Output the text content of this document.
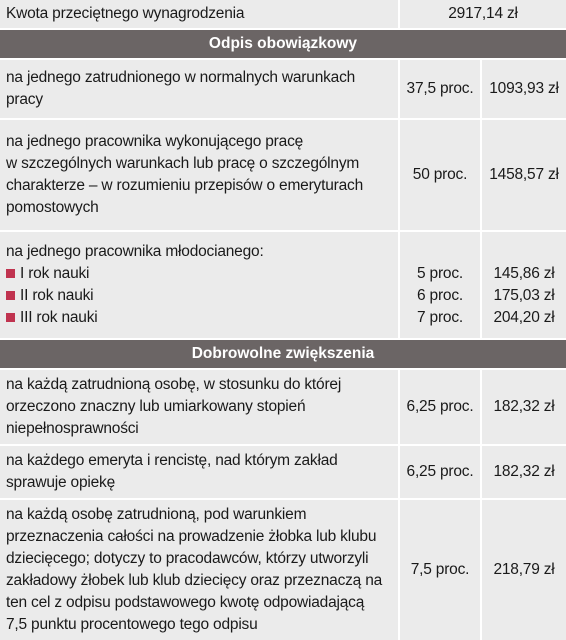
Kwota przeciętnego wynagrodzenia	2917,14 zł
Odpis obowiązkowy
na jednego zatrudnionego w normalnych warunkach
pracy
37,5 proc. 1093,93 zł
na jednego pracownika wykonującego pracę
w szczególnych warunkach lub pracę o szczególnym
charakterze – w rozumieniu przepisów o emeryturach
pomostowych
50 proc. 1458,57 zł
na jednego pracownika młodocianego:
I rok nauki
II rok nauki
III rok nauki
5 proc.
6 proc.
7 proc.
145,86 zł
175,03 zł
204,20 zł
Dobrowolne zwiększenia
na każdą zatrudnioną osobę, w stosunku do której
orzeczono znaczny lub umiarkowany stopień
niepełnosprawności
6,25 proc. 182,32 zł
na każdego emeryta i rencistę, nad którym zakład
sprawuje opiekę
6,25 proc. 182,32 zł
na każdą osobę zatrudnioną, pod warunkiem
przeznaczenia całości na prowadzenie żłobka lub klubu
dziecięcego; dotyczy to pracodawców, którzy utworzyli
zakładowy żłobek lub klub dziecięcy oraz przeznaczą na
ten cel z odpisu podstawowego kwotę odpowiadającą
7,5 punktu procentowego tego odpisu
7,5 proc. 218,79 zł
